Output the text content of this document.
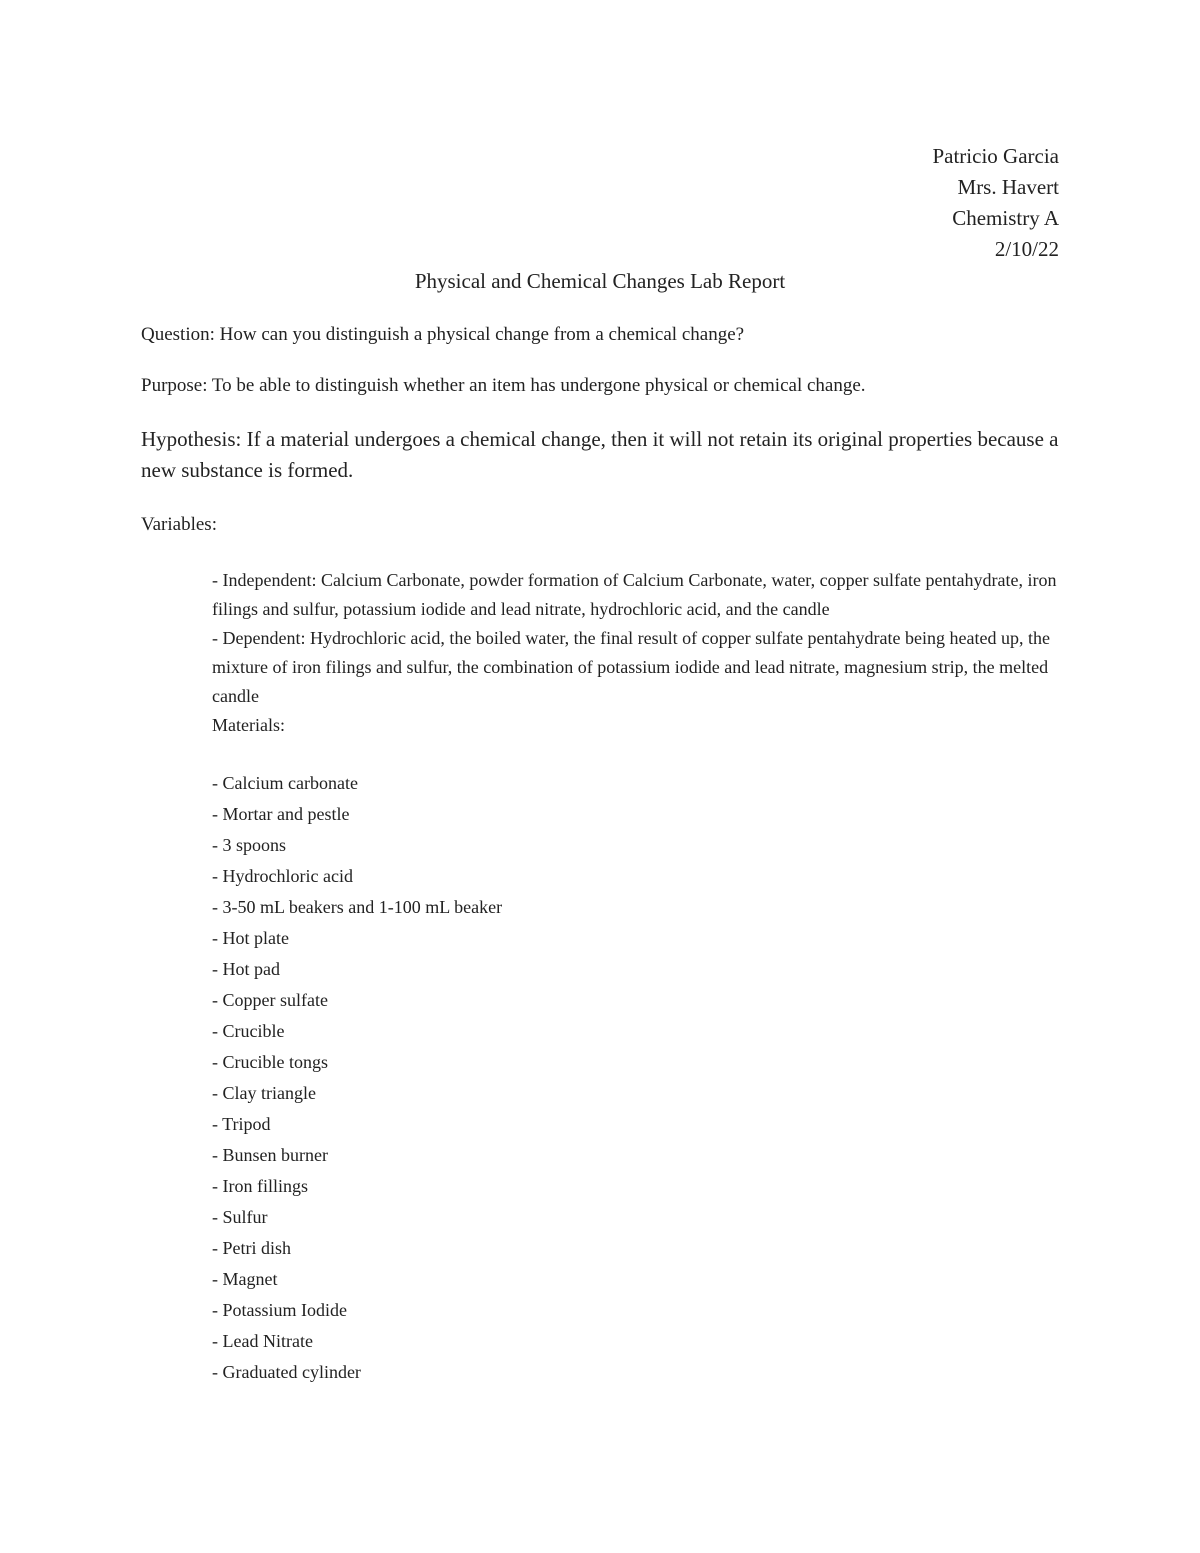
Patricio Garcia
Mrs. Havert
Chemistry A
2/10/22
Physical and Chemical Changes Lab Report
Question: How can you distinguish a physical change from a chemical change?
Purpose: To be able to distinguish whether an item has undergone physical or chemical change.
Hypothesis: If a material undergoes a chemical change, then it will not retain its original properties because a new substance is formed.
Variables:
- Independent: Calcium Carbonate, powder formation of Calcium Carbonate, water, copper sulfate pentahydrate, iron filings and sulfur, potassium iodide and lead nitrate, hydrochloric acid, and the candle
- Dependent: Hydrochloric acid, the boiled water, the final result of copper sulfate pentahydrate being heated up, the mixture of iron filings and sulfur, the combination of potassium iodide and lead nitrate, magnesium strip, the melted candle
Materials:
- Calcium carbonate
- Mortar and pestle
- 3 spoons
- Hydrochloric acid
- 3-50 mL beakers and 1-100 mL beaker
- Hot plate
- Hot pad
- Copper sulfate
- Crucible
- Crucible tongs
- Clay triangle
- Tripod
- Bunsen burner
- Iron fillings
- Sulfur
- Petri dish
- Magnet
- Potassium Iodide
- Lead Nitrate
- Graduated cylinder
